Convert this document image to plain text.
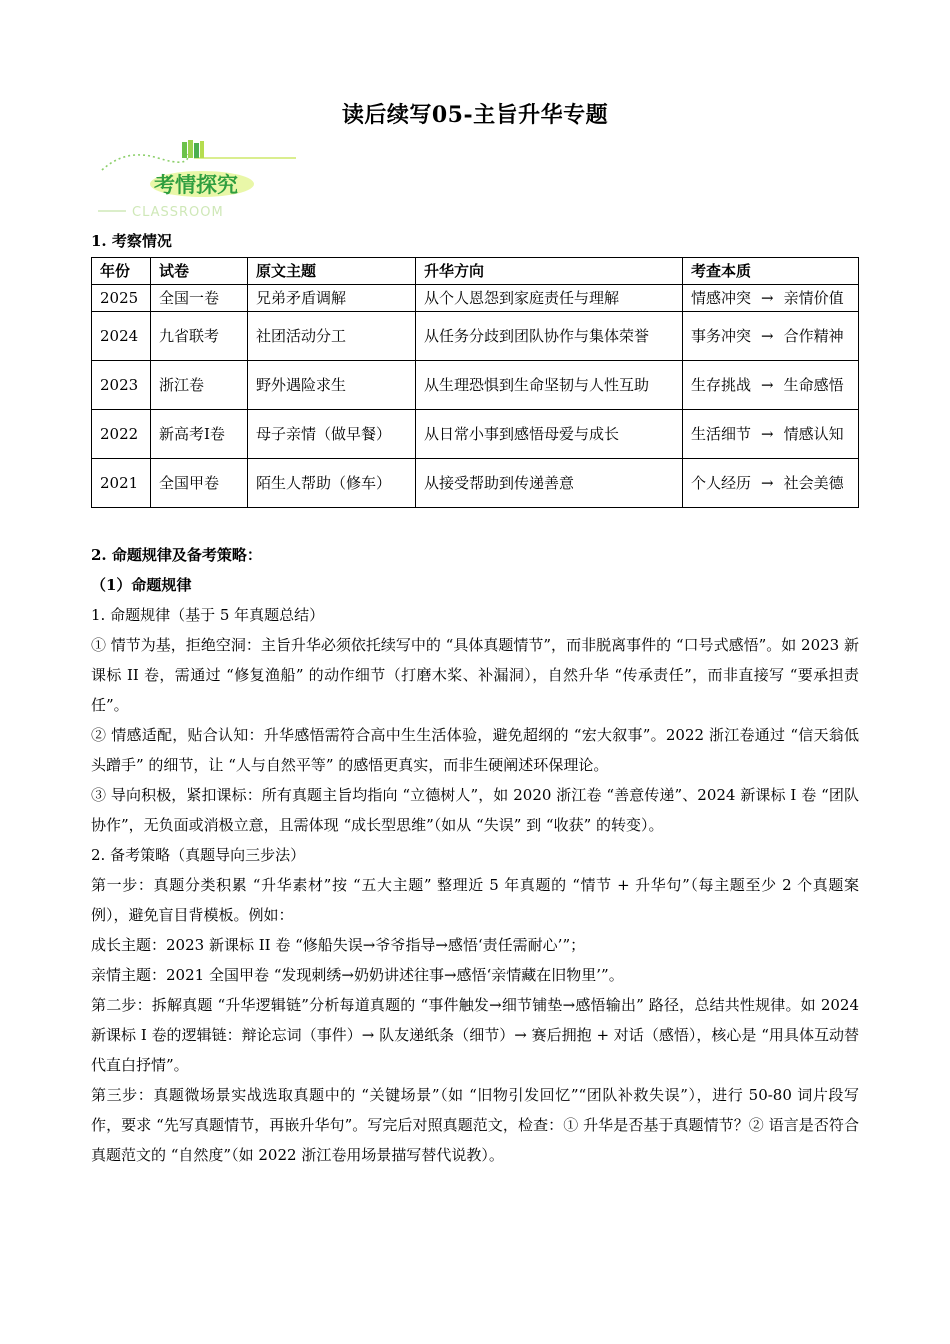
读后续写05-主旨升华专题
考情探究
CLASSROOM
1. 考察情况
年份	试卷	原文主题	升华方向	考查本质
2025	全国一卷	兄弟矛盾调解	从个人恩怨到家庭责任与理解	情感冲突 → 亲情价值
2024	九省联考	社团活动分工	从任务分歧到团队协作与集体荣誉	事务冲突 → 合作精神
2023	浙江卷	野外遇险求生	从生理恐惧到生命坚韧与人性互助	生存挑战 → 生命感悟
2022	新高考I卷	母子亲情（做早餐）	从日常小事到感悟母爱与成长	生活细节 → 情感认知
2021	全国甲卷	陌生人帮助（修车）	从接受帮助到传递善意	个人经历 → 社会美德

2. 命题规律及备考策略：

（1）命题规律

1. 命题规律（基于 5 年真题总结）

① 情节为基，拒绝空洞：主旨升华必须依托续写中的 “具体真题情节”，而非脱离事件的 “口号式感悟”。如 2023 新课标 II 卷，需通过 “修复渔船” 的动作细节（打磨木桨、补漏洞），自然升华 “传承责任”，而非直接写 “要承担责任”。

② 情感适配，贴合认知：升华感悟需符合高中生生活体验，避免超纲的 “宏大叙事”。2022 浙江卷通过 “信天翁低头蹭手” 的细节，让 “人与自然平等” 的感悟更真实，而非生硬阐述环保理论。

③ 导向积极，紧扣课标：所有真题主旨均指向 “立德树人”，如 2020 浙江卷 “善意传递”、2024 新课标 I 卷 “团队协作”，无负面或消极立意，且需体现 “成长型思维”（如从 “失误” 到 “收获” 的转变）。

2. 备考策略（真题导向三步法）

第一步：真题分类积累 “升华素材”按 “五大主题” 整理近 5 年真题的 “情节 + 升华句”（每主题至少 2 个真题案例），避免盲目背模板。例如：

成长主题：2023 新课标 II 卷 “修船失误→爷爷指导→感悟‘责任需耐心’”；

亲情主题：2021 全国甲卷 “发现刺绣→奶奶讲述往事→感悟‘亲情藏在旧物里’”。

第二步：拆解真题 “升华逻辑链”分析每道真题的 “事件触发→细节铺垫→感悟输出” 路径，总结共性规律。如 2024 新课标 I 卷的逻辑链：辩论忘词（事件）→ 队友递纸条（细节）→ 赛后拥抱 + 对话（感悟），核心是 “用具体互动替代直白抒情”。

第三步：真题微场景实战选取真题中的 “关键场景”（如 “旧物引发回忆”“团队补救失误”），进行 50-80 词片段写作，要求 “先写真题情节，再嵌升华句”。写完后对照真题范文，检查：① 升华是否基于真题情节？② 语言是否符合真题范文的 “自然度”（如 2022 浙江卷用场景描写替代说教）。
